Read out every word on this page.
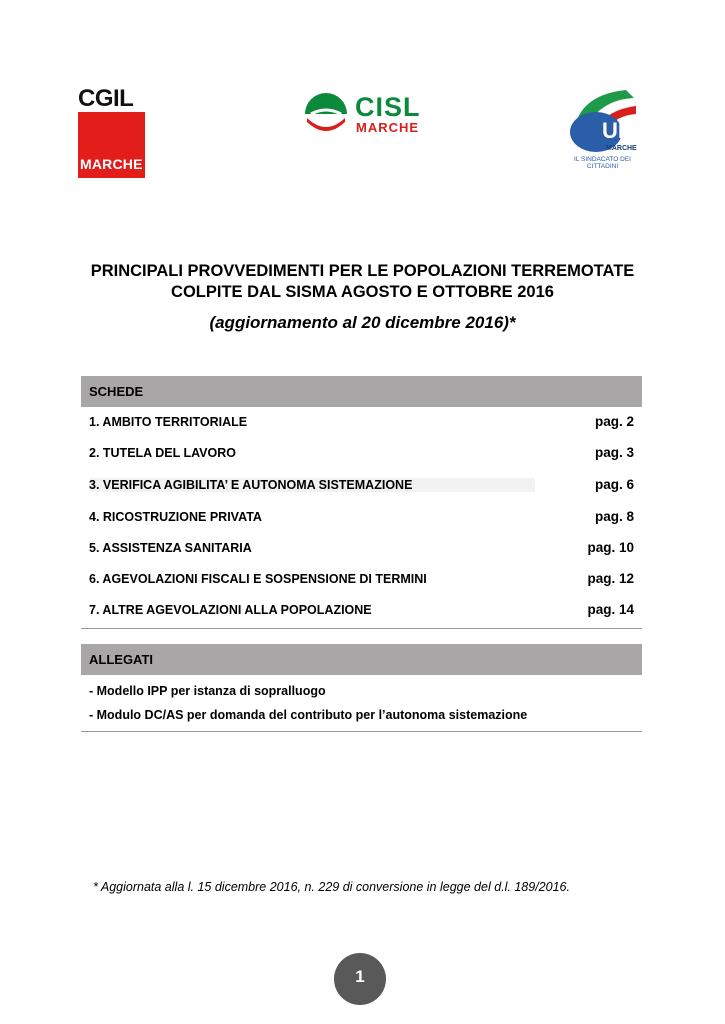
CGIL
MARCHE
CISL
MARCHE	UIL
MARCHE
IL SINDACATO DEI CITTADINI
PRINCIPALI PROVVEDIMENTI PER LE POPOLAZIONI TERREMOTATE
COLPITE DAL SISMA AGOSTO E OTTOBRE 2016
(aggiornamento al 20 dicembre 2016)*
SCHEDE
1. AMBITO TERRITORIALE	pag. 2
2. TUTELA DEL LAVORO	pag. 3
3. VERIFICA AGIBILITA’ E AUTONOMA SISTEMAZIONE	pag. 6
4. RICOSTRUZIONE PRIVATA	pag. 8
5. ASSISTENZA SANITARIA	pag. 10
6. AGEVOLAZIONI FISCALI E SOSPENSIONE DI TERMINI	pag. 12
7. ALTRE AGEVOLAZIONI ALLA POPOLAZIONE	pag. 14
ALLEGATI
- Modello IPP per istanza di sopralluogo
- Modulo DC/AS per domanda del contributo per l’autonoma sistemazione
* Aggiornata alla l. 15 dicembre 2016, n. 229 di conversione in legge del d.l. 189/2016.
1
